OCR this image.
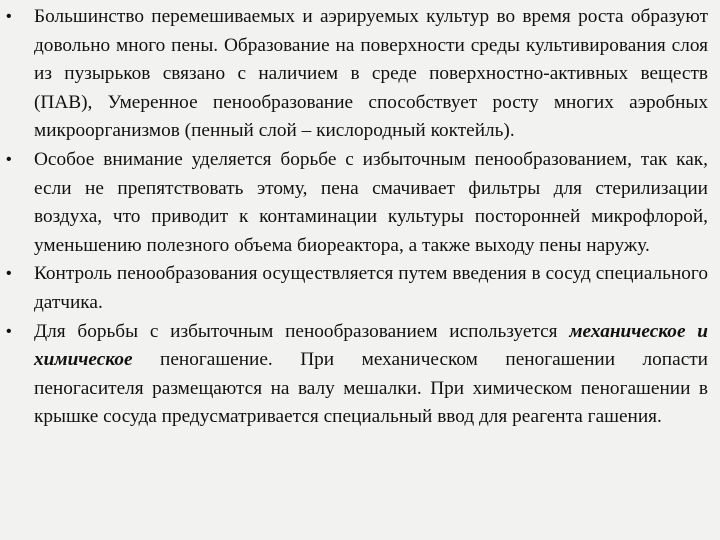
•	Большинство перемешиваемых и аэрируемых культур во время роста образуют довольно много пены. Образование на поверхности среды культивирования слоя из пузырьков связано с наличием в среде поверхностно-активных веществ (ПАВ), Умеренное пенообразование способствует росту многих аэробных микроорганизмов (пенный слой – кислородный коктейль).
•	Особое внимание уделяется борьбе с избыточным пенообразованием, так как, если не препятствовать этому, пена смачивает фильтры для стерилизации воздуха, что приводит к контаминации культуры посторонней микрофлорой, уменьшению полезного объема биореактора, а также выходу пены наружу.
•	Контроль пенообразования осуществляется путем введения в сосуд специального датчика.
•	Для борьбы с избыточным пенообразованием используется механическое и химическое пеногашение. При механическом пеногашении лопасти пеногасителя размещаются на валу мешалки. При химическом пеногашении в крышке сосуда предусматривается специальный ввод для реагента гашения.
